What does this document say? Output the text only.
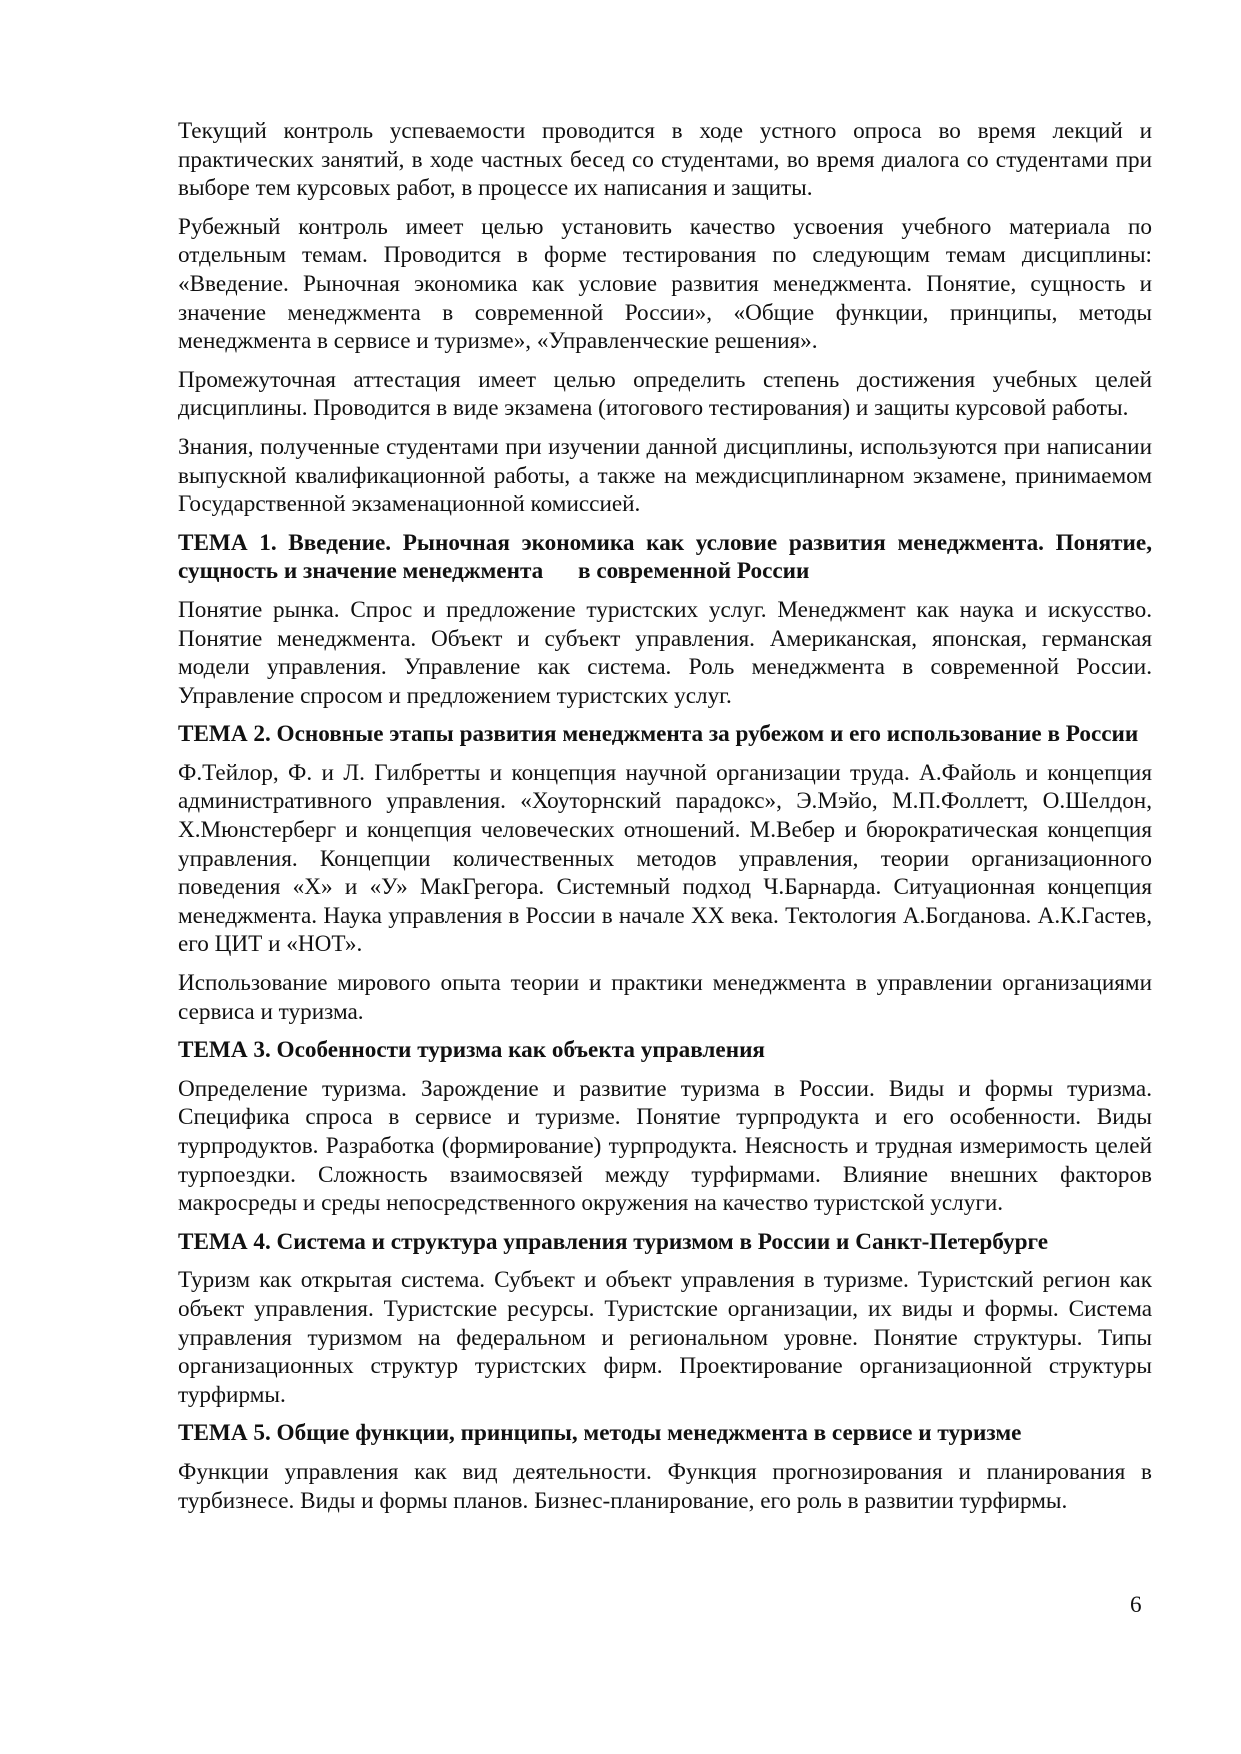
Текущий контроль успеваемости проводится в ходе устного опроса во время лекций и практических занятий, в ходе частных бесед со студентами, во время диалога со студентами при выборе тем курсовых работ, в процессе их написания и защиты.

Рубежный контроль имеет целью установить качество усвоения учебного материала по отдельным темам. Проводится в форме тестирования по следующим темам дисциплины: «Введение. Рыночная экономика как условие развития менеджмента. Понятие, сущность и значение менеджмента в современной России», «Общие функции, принципы, методы менеджмента в сервисе и туризме», «Управленческие решения».

Промежуточная аттестация имеет целью определить степень достижения учебных целей дисциплины. Проводится в виде экзамена (итогового тестирования) и защиты курсовой работы.

Знания, полученные студентами при изучении данной дисциплины, используются при написании выпускной квалификационной работы, а также на междисциплинарном экзамене, принимаемом Государственной экзаменационной комиссией.

ТЕМА 1. Введение. Рыночная экономика как условие развития менеджмента. Понятие, сущность и значение менеджмента      в современной России

Понятие рынка. Спрос и предложение туристских услуг. Менеджмент как наука и искусство. Понятие менеджмента. Объект и субъект управления. Американская, японская, германская модели управления. Управление как система. Роль менеджмента в современной России. Управление спросом и предложением туристских услуг.

ТЕМА 2. Основные этапы развития менеджмента за рубежом и его использование в России

Ф.Тейлор, Ф. и Л. Гилбретты и концепция научной организации труда. А.Файоль и концепция административного управления. «Хоуторнский парадокс», Э.Мэйо, М.П.Фоллетт, О.Шелдон, Х.Мюнстерберг и концепция человеческих отношений. М.Вебер и бюрократическая концепция управления. Концепции количественных методов управления, теории организационного поведения «Х» и «У» МакГрегора. Системный подход Ч.Барнарда. Ситуационная концепция менеджмента. Наука управления в России в начале ХХ века. Тектология А.Богданова. А.К.Гастев, его ЦИТ и «НОТ».

Использование мирового опыта теории и практики менеджмента в управлении организациями сервиса и туризма.

ТЕМА 3. Особенности туризма как объекта управления

Определение туризма. Зарождение и развитие туризма в России. Виды и формы туризма. Специфика спроса в сервисе и туризме. Понятие турпродукта и его особенности. Виды турпродуктов. Разработка (формирование) турпродукта. Неясность и трудная измеримость целей турпоездки. Сложность взаимосвязей между турфирмами. Влияние внешних факторов макросреды и среды непосредственного окружения на качество туристской услуги.

ТЕМА 4. Система и структура управления туризмом в России и Санкт-Петербурге

Туризм как открытая система. Субъект и объект управления в туризме. Туристский регион как объект управления. Туристские ресурсы. Туристские организации, их виды и формы. Система управления туризмом на федеральном и региональном уровне. Понятие структуры. Типы организационных структур туристских фирм. Проектирование организационной структуры турфирмы.

ТЕМА 5. Общие функции, принципы, методы менеджмента в сервисе и туризме

Функции управления как вид деятельности. Функция прогнозирования и планирования в турбизнесе. Виды и формы планов. Бизнес-планирование, его роль в развитии турфирмы.

6
